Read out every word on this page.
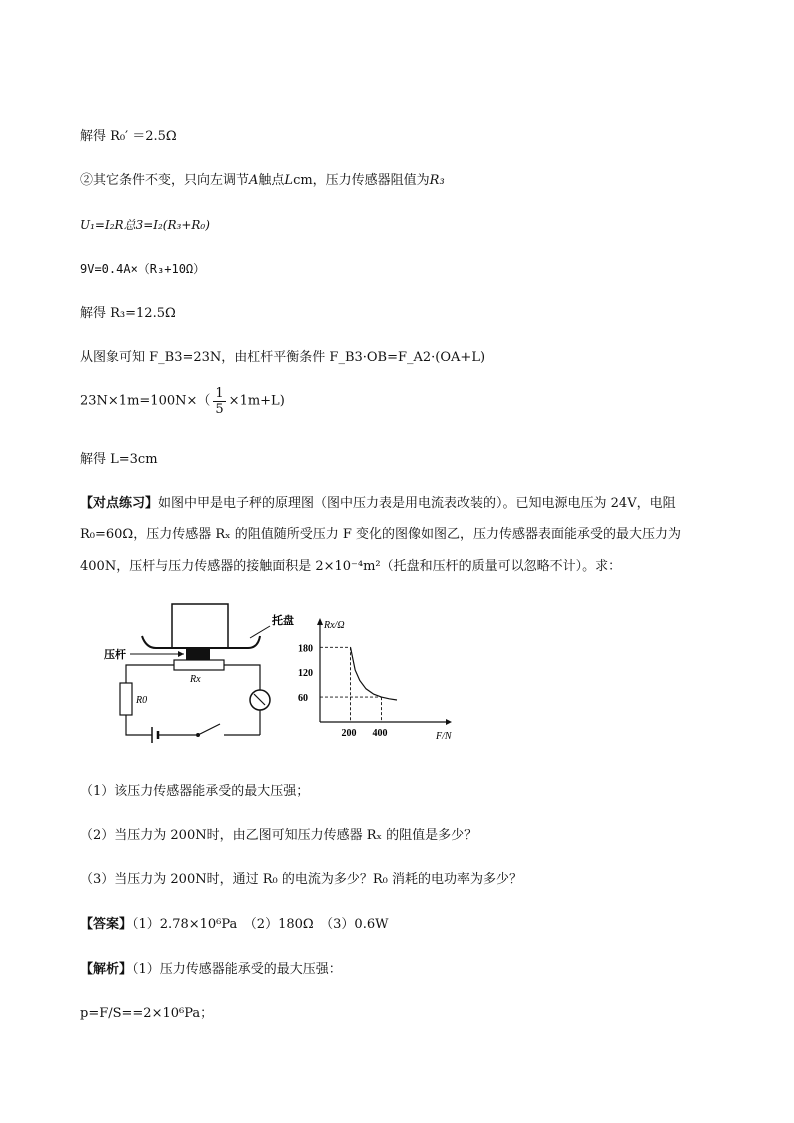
解得 R₀′ ＝2.5Ω
②其它条件不变，只向左调节A触点Lcm，压力传感器阻值为R₃
U₁=I₂R总3=I₂(R₃+R₀)
9V=0.4A×（R₃+10Ω）
解得 R₃=12.5Ω
从图象可知 F_B3=23N，由杠杆平衡条件 F_B3·OB=F_A2·(OA+L)
$23N\times 1m=100N\times( \frac{1}{5} \times 1m+L)$
解得 L=3cm
【对点练习】如图中甲是电子秤的原理图（图中压力表是用电流表改装的）。已知电源电压为 24V，电阻
R₀=60Ω，压力传感器 Rₓ 的阻值随所受压力 F 变化的图像如图乙，压力传感器表面能承受的最大压力为
400N，压杆与压力传感器的接触面积是 2×10⁻⁴m²（托盘和压杆的质量可以忽略不计）。求：
托盘
压杆
Rx
R0
Rx/Ω
F/N
180
120
60
200 400
（1）该压力传感器能承受的最大压强；
（2）当压力为 200N时，由乙图可知压力传感器 Rₓ 的阻值是多少？
（3）当压力为 200N时，通过 R₀ 的电流为多少？R₀ 消耗的电功率为多少？
【答案】（1）2.78×10⁶Pa　（2）180Ω　（3）0.6W
【解析】（1）压力传感器能承受的最大压强：
p=F/S==2×10⁶Pa；
